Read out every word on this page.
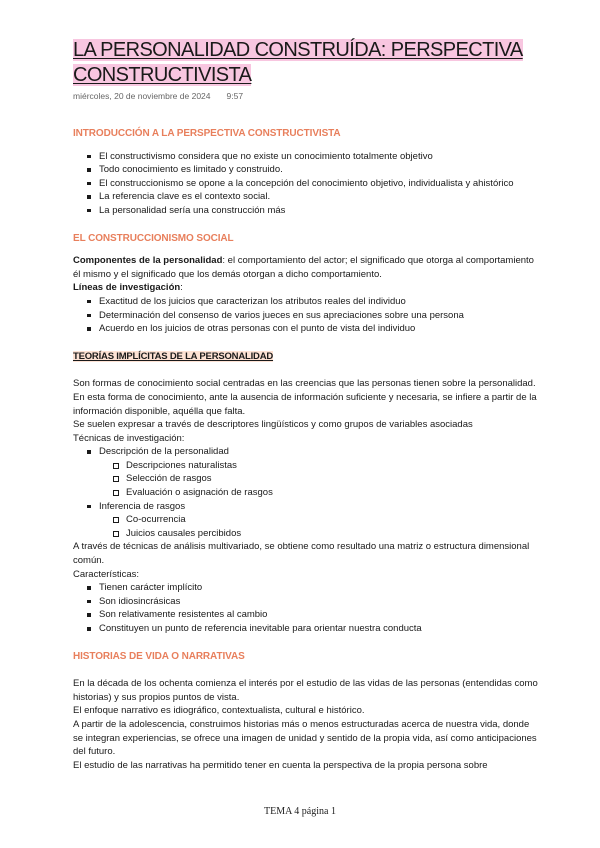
LA PERSONALIDAD CONSTRUÍDA: PERSPECTIVA CONSTRUCTIVISTA
miércoles, 20 de noviembre de 2024 9:57
INTRODUCCIÓN A LA PERSPECTIVA CONSTRUCTIVISTA
El constructivismo considera que no existe un conocimiento totalmente objetivo
Todo conocimiento es limitado y construido.
El construccionismo se opone a la concepción del conocimiento objetivo, individualista y ahistórico
La referencia clave es el contexto social.
La personalidad sería una construcción más
EL CONSTRUCCIONISMO SOCIAL

Componentes de la personalidad: el comportamiento del actor; el significado que otorga al comportamiento él mismo y el significado que los demás otorgan a dicho comportamiento.

Líneas de investigación:

Exactitud de los juicios que caracterizan los atributos reales del individuo
Determinación del consenso de varios jueces en sus apreciaciones sobre una persona
Acuerdo en los juicios de otras personas con el punto de vista del individuo
TEORÍAS IMPLÍCITAS DE LA PERSONALIDAD

Son formas de conocimiento social centradas en las creencias que las personas tienen sobre la personalidad.

En esta forma de conocimiento, ante la ausencia de información suficiente y necesaria, se infiere a partir de la información disponible, aquélla que falta.

Se suelen expresar a través de descriptores lingüísticos y como grupos de variables asociadas

Técnicas de investigación:

Descripción de la personalidad
Descripciones naturalistas
Selección de rasgos
Evaluación o asignación de rasgos
Inferencia de rasgos
Co-ocurrencia
Juicios causales percibidos

A través de técnicas de análisis multivariado, se obtiene como resultado una matriz o estructura dimensional común.

Características:

Tienen carácter implícito
Son idiosincrásicas
Son relativamente resistentes al cambio
Constituyen un punto de referencia inevitable para orientar nuestra conducta
HISTORIAS DE VIDA O NARRATIVAS

En la década de los ochenta comienza el interés por el estudio de las vidas de las personas (entendidas como historias) y sus propios puntos de vista.

El enfoque narrativo es idiográfico, contextualista, cultural e histórico.

A partir de la adolescencia, construimos historias más o menos estructuradas acerca de nuestra vida, donde se integran experiencias, se ofrece una imagen de unidad y sentido de la propia vida, así como anticipaciones del futuro.

El estudio de las narrativas ha permitido tener en cuenta la perspectiva de la propia persona sobre

TEMA 4 página 1
